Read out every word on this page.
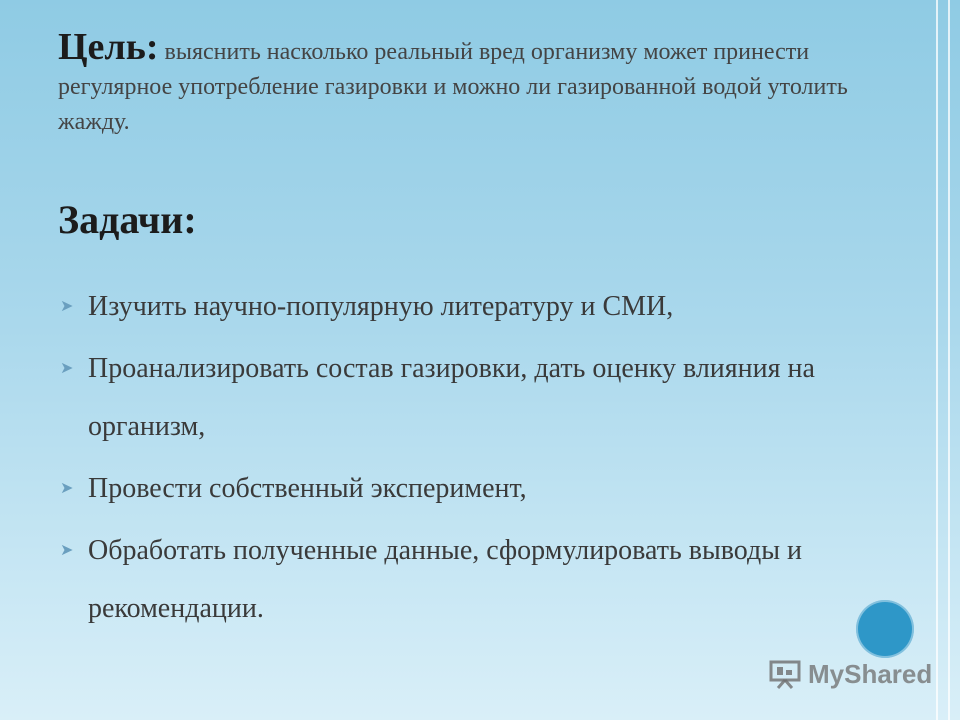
Цель: выяснить насколько реальный вред организму может принести регулярное употребление газировки и можно ли газированной водой утолить жажду.
Задачи:
➤ Изучить научно-популярную литературу и СМИ,
➤ Проанализировать состав газировки, дать оценку влияния на организм,
➤ Провести собственный эксперимент,
➤ Обработать полученные данные, сформулировать выводы и рекомендации.
MyShared
